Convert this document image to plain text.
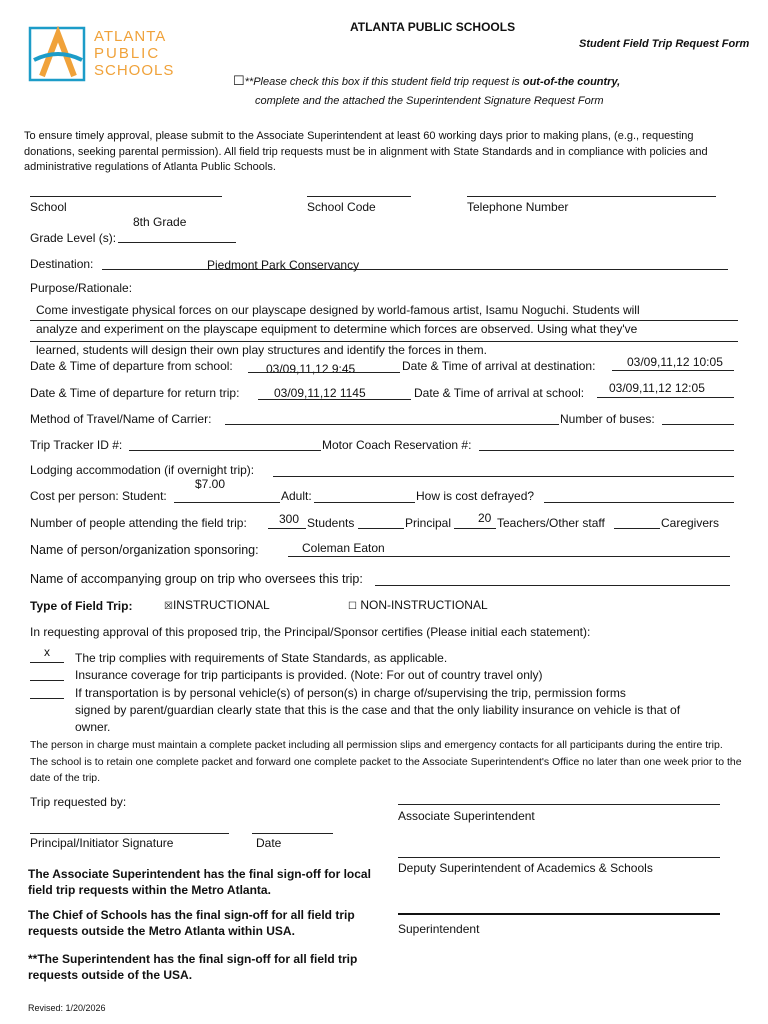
ATLANTA
PUBLIC
SCHOOLS
ATLANTA PUBLIC SCHOOLS
Student Field Trip Request Form
☐**Please check this box if this student field trip request is out-of-the country,
complete and the attached the Superintendent Signature Request Form
To ensure timely approval, please submit to the Associate Superintendent at least 60 working days prior to making plans, (e.g., requesting donations, seeking parental permission). All field trip requests must be in alignment with State Standards and in compliance with policies and administrative regulations of Atlanta Public Schools.
School	School Code	Telephone Number
8th Grade
Grade Level (s):
Destination:	Piedmont Park Conservancy
Purpose/Rationale:
Come investigate physical forces on our playscape designed by world-famous artist, Isamu Noguchi. Students will
analyze and experiment on the playscape equipment to determine which forces are observed. Using what they've
learned, students will design their own play structures and identify the forces in them.
Date & Time of departure from school:	03/09,11,12 9:45	Date & Time of arrival at destination:	03/09,11,12 10:05
Date & Time of departure for return trip:	03/09,11,12 1145	Date & Time of arrival at school: 03/09,11,12 12:05
Method of Travel/Name of Carrier:	Number of buses:
Trip Tracker ID #:	Motor Coach Reservation #:
Lodging accommodation (if overnight trip):
$7.00
Cost per person: Student:	Adult:	How is cost defrayed?
Number of people attending the field trip:	300 Students	Principal 20 Teachers/Other staff	Caregivers
Name of person/organization sponsoring:	Coleman Eaton
Name of accompanying group on trip who oversees this trip:
Type of Field Trip:	☒INSTRUCTIONAL	☐ NON-INSTRUCTIONAL
In requesting approval of this proposed trip, the Principal/Sponsor certifies (Please initial each statement):
x The trip complies with requirements of State Standards, as applicable.
Insurance coverage for trip participants is provided. (Note: For out of country travel only)
If transportation is by personal vehicle(s) of person(s) in charge of/supervising the trip, permission forms
signed by parent/guardian clearly state that this is the case and that the only liability insurance on vehicle is that of
owner.
The person in charge must maintain a complete packet including all permission slips and emergency contacts for all participants during the entire trip. The school is to retain one complete packet and forward one complete packet to the Associate Superintendent's Office no later than one week prior to the date of the trip.
Trip requested by:
Associate Superintendent
Principal/Initiator Signature	Date
Deputy Superintendent of Academics & Schools
The Associate Superintendent has the final sign-off for local field trip requests within the Metro Atlanta.
The Chief of Schools has the final sign-off for all field trip requests outside the Metro Atlanta within USA.	Superintendent
**The Superintendent has the final sign-off for all field trip requests outside of the USA.
Revised: 1/20/2026
